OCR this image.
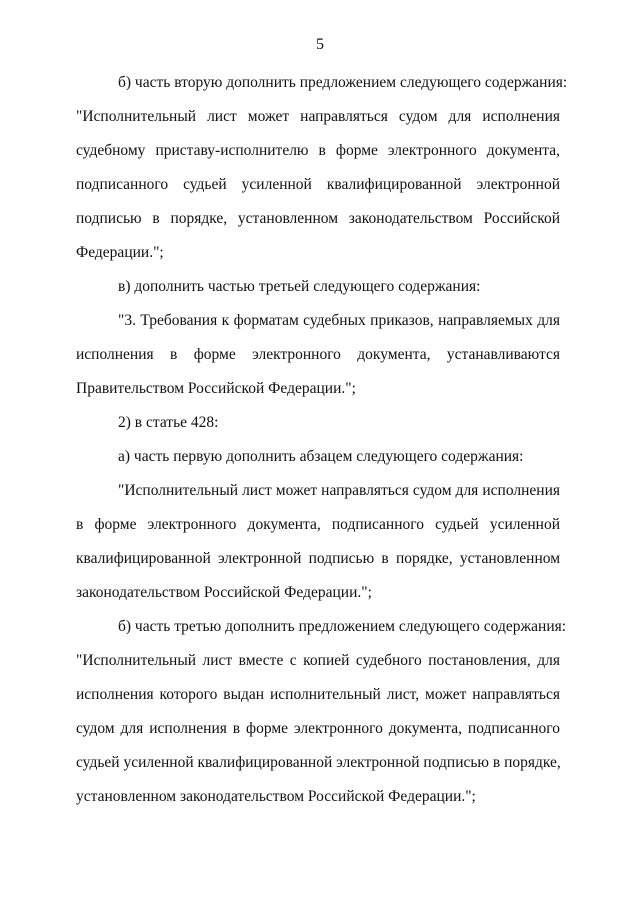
5

б) часть вторую дополнить предложением следующего содержания:
"Исполнительный лист может направляться судом для исполнения
судебному приставу-исполнителю в форме электронного документа,
подписанного судьей усиленной квалифицированной электронной
подписью в порядке, установленном законодательством Российской
Федерации.";

в) дополнить частью третьей следующего содержания:

"3. Требования к форматам судебных приказов, направляемых для
исполнения в форме электронного документа, устанавливаются
Правительством Российской Федерации.";

2) в статье 428:

а) часть первую дополнить абзацем следующего содержания:

"Исполнительный лист может направляться судом для исполнения
в форме электронного документа, подписанного судьей усиленной
квалифицированной электронной подписью в порядке, установленном
законодательством Российской Федерации.";

б) часть третью дополнить предложением следующего содержания:
"Исполнительный лист вместе с копией судебного постановления, для
исполнения которого выдан исполнительный лист, может направляться
судом для исполнения в форме электронного документа, подписанного
судьей усиленной квалифицированной электронной подписью в порядке,
установленном законодательством Российской Федерации.";
